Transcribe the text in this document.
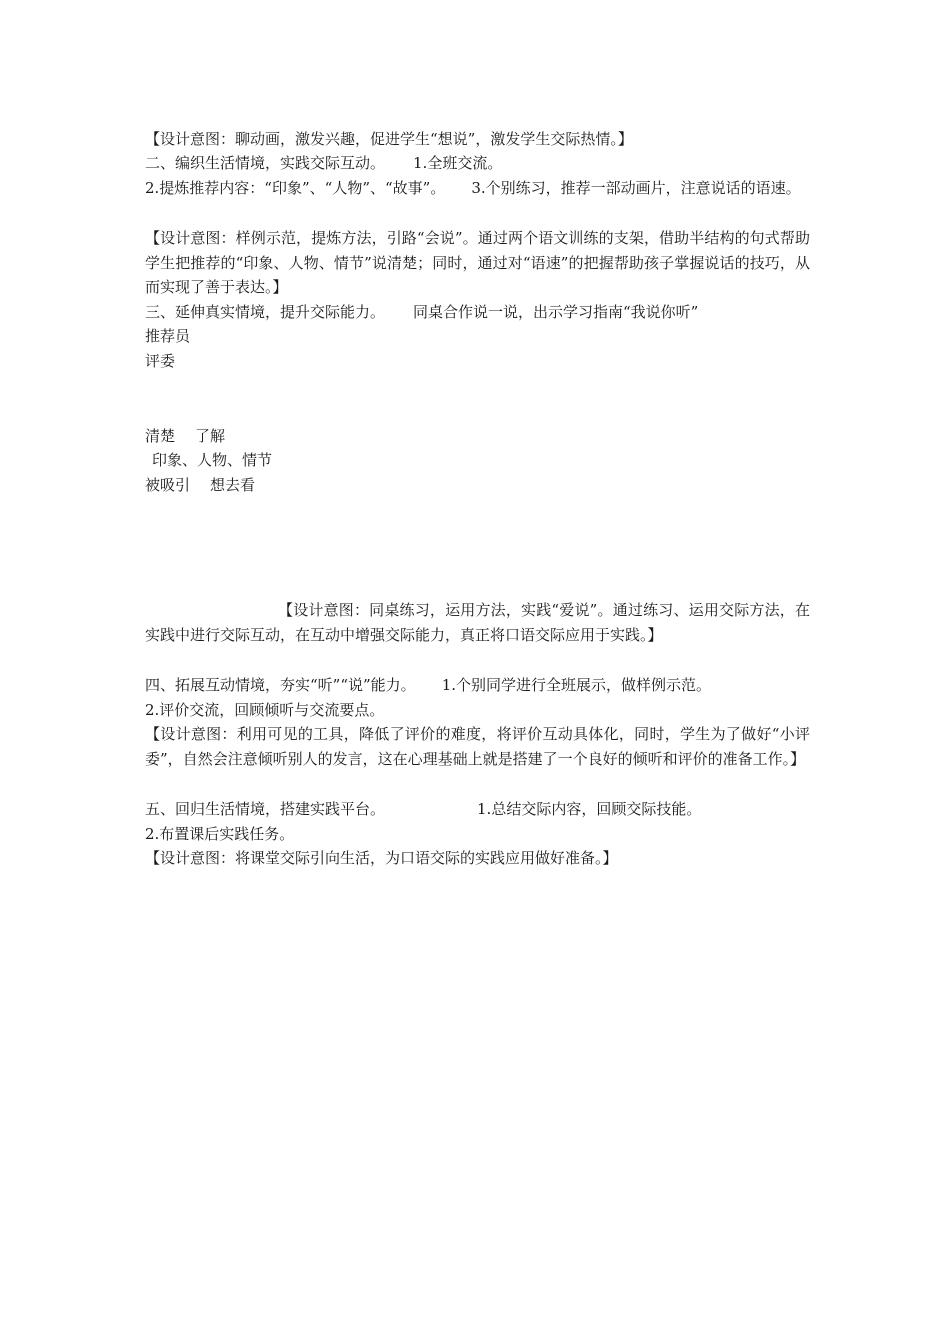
【设计意图：聊动画，激发兴趣，促进学生“想说”，激发学生交际热情。】
二、编织生活情境，实践交际互动。 1.全班交流。
2.提炼推荐内容：“印象”、“人物”、“故事”。 3.个别练习，推荐一部动画片，注意说话的语速。
【设计意图：样例示范，提炼方法，引路“会说”。通过两个语文训练的支架，借助半结构的句式帮助学生把推荐的“印象、人物、情节”说清楚；同时，通过对“语速”的把握帮助孩子掌握说话的技巧，从而实现了善于表达。】
三、延伸真实情境，提升交际能力。 同桌合作说一说，出示学习指南“我说你听”
推荐员
评委
清楚 了解
印象、人物、情节
被吸引 想去看
【设计意图：同桌练习，运用方法，实践“爱说”。通过练习、运用交际方法，在实践中进行交际互动，在互动中增强交际能力，真正将口语交际应用于实践。】
四、拓展互动情境，夯实“听”“说”能力。 1.个别同学进行全班展示，做样例示范。
2.评价交流，回顾倾听与交流要点。
【设计意图：利用可见的工具，降低了评价的难度，将评价互动具体化，同时，学生为了做好“小评委”，自然会注意倾听别人的发言，这在心理基础上就是搭建了一个良好的倾听和评价的准备工作。】
五、回归生活情境，搭建实践平台。	1.总结交际内容，回顾交际技能。
2.布置课后实践任务。
【设计意图：将课堂交际引向生活，为口语交际的实践应用做好准备。】
